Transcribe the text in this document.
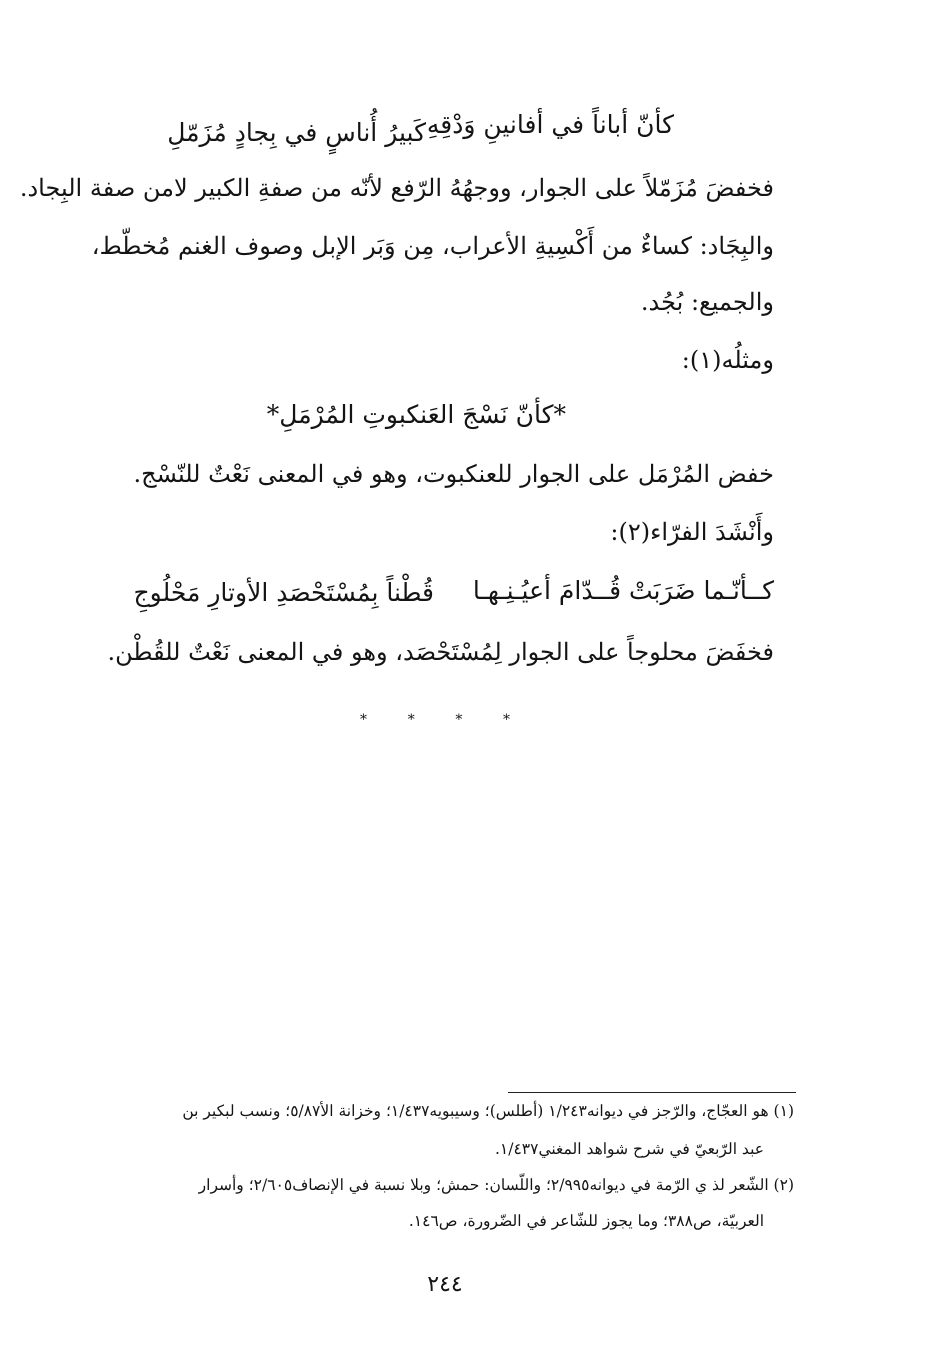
كأنّ أباناً في أفانينِ وَدْقِهِ
كَبيرُ أُناسٍ في بِجادٍ مُزَمّلِ
فخفضَ مُزَمّلاً على الجوار، ووجهُهُ الرّفع لأنّه من صفةِ الكبير لامن صفة البِجاد.
والبِجَاد: كساءٌ من أَكْسِيةِ الأعراب، مِن وَبَر الإبل وصوف الغنم مُخطّط،
والجميع: بُجُد.
ومثلُه(١):
*كأنّ نَسْجَ العَنكبوتِ المُرْمَلِ*
خفض المُرْمَل على الجوار للعنكبوت، وهو في المعنى نَعْتٌ للنّسْج.
وأَنْشَدَ الفرّاء(٢):
كــأنّـما ضَرَبَتْ قُــدّامَ أعيُـنِـهـا
قُطْناً بِمُسْتَحْصَدِ الأوتارِ مَحْلُوجِ
فخفَضَ محلوجاً على الجوار لِمُسْتَحْصَد، وهو في المعنى نَعْتٌ للقُطْن.
*
*
*
*
(١) هو العجّاج، والرّجز في ديوانه١/٢٤٣ (أطلس)؛ وسيبويه١/٤٣٧؛ وخزانة الأ٥/٨٧؛ ونسب لبكير بن
عبد الرّبعيّ في شرح شواهد المغني١/٤٣٧.
(٢) الشّعر لذ ي الرّمة في ديوانه٢/٩٩٥؛ واللّسان: حمش؛ وبلا نسبة في الإنصاف٢/٦٠٥؛ وأسرار
العربيّة، ص٣٨٨؛ وما يجوز للشّاعر في الضّرورة، ص١٤٦.
٢٤٤
